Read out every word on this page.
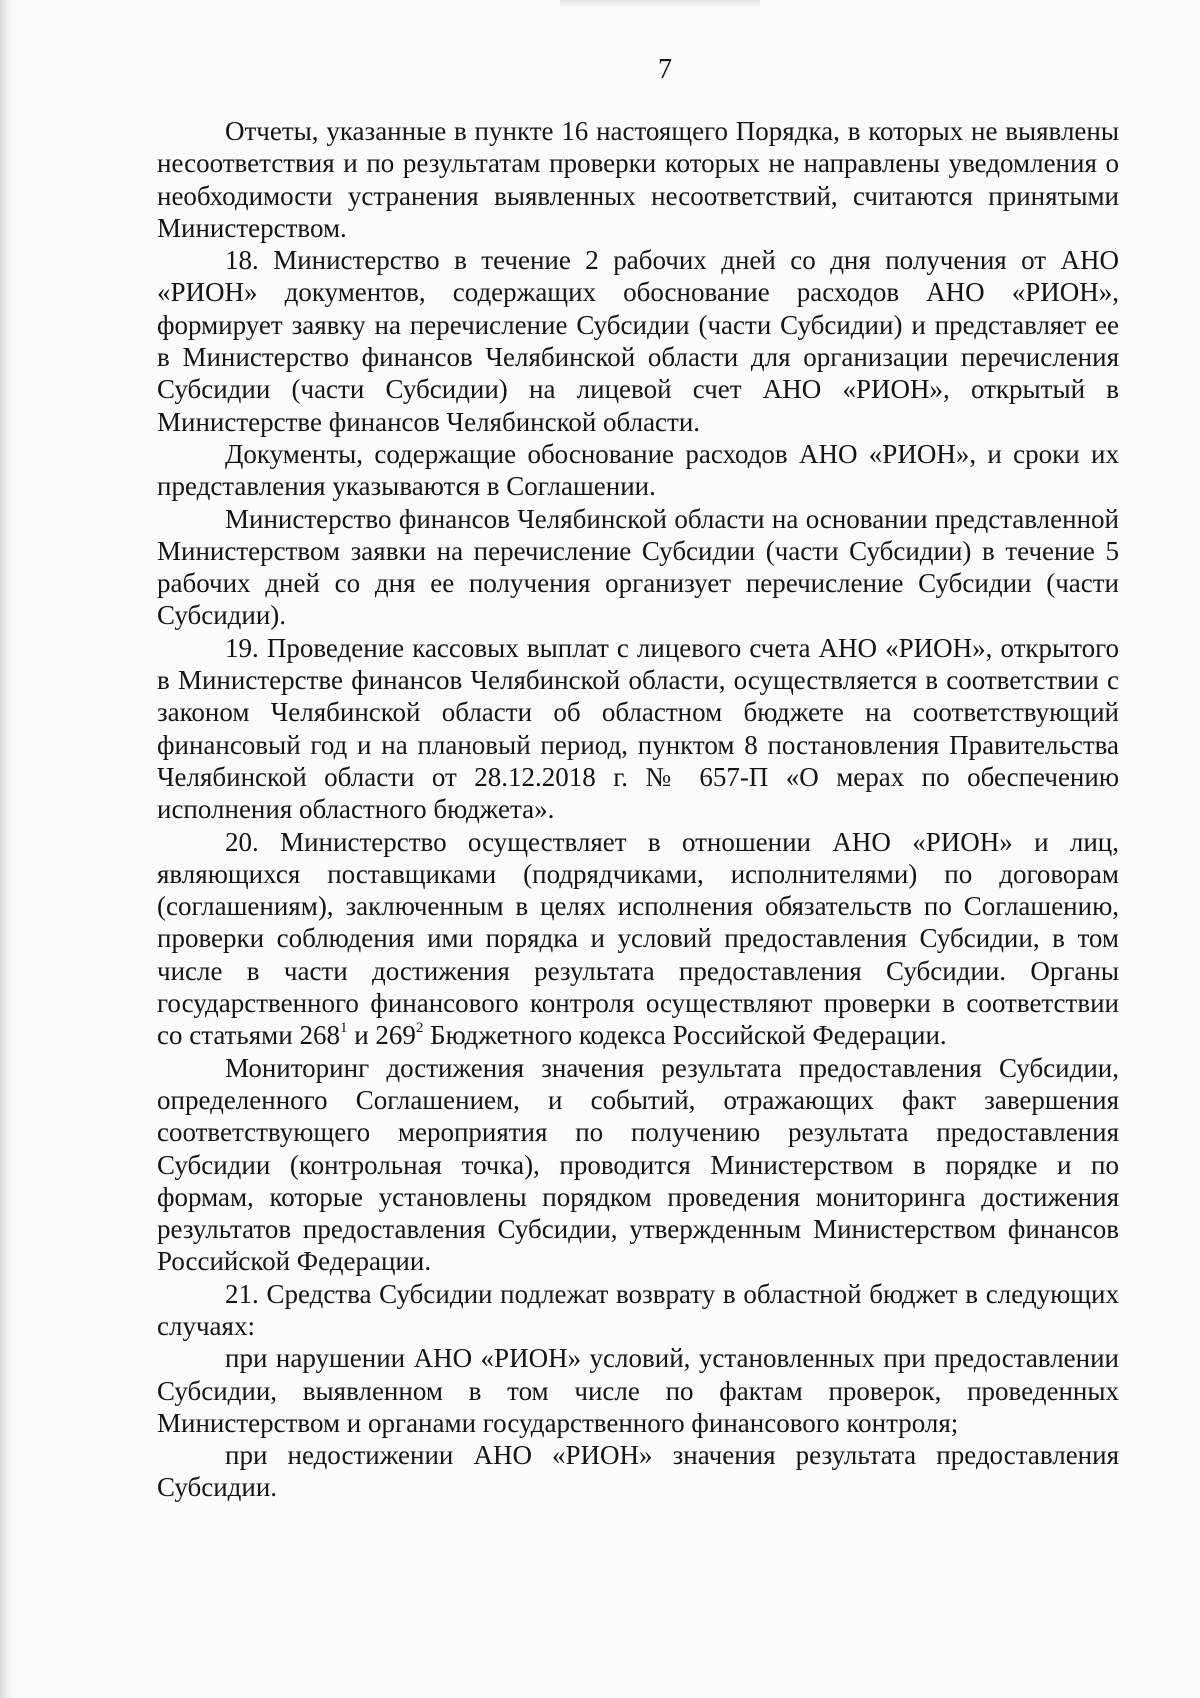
7

Отчеты, указанные в пункте 16 настоящего Порядка, в которых не выявлены несоответствия и по результатам проверки которых не направлены уведомления о необходимости устранения выявленных несоответствий, считаются принятыми Министерством.

18. Министерство в течение 2 рабочих дней со дня получения от АНО «РИОН» документов, содержащих обоснование расходов АНО «РИОН», формирует заявку на перечисление Субсидии (части Субсидии) и представляет ее в Министерство финансов Челябинской области для организации перечисления Субсидии (части Субсидии) на лицевой счет АНО «РИОН», открытый в Министерстве финансов Челябинской области.

Документы, содержащие обоснование расходов АНО «РИОН», и сроки их представления указываются в Соглашении.

Министерство финансов Челябинской области на основании представленной Министерством заявки на перечисление Субсидии (части Субсидии) в течение 5 рабочих дней со дня ее получения организует перечисление Субсидии (части Субсидии).

19. Проведение кассовых выплат с лицевого счета АНО «РИОН», открытого в Министерстве финансов Челябинской области, осуществляется в соответствии с законом Челябинской области об областном бюджете на соответствующий финансовый год и на плановый период, пунктом 8 постановления Правительства Челябинской области от 28.12.2018 г. № 657-П «О мерах по обеспечению исполнения областного бюджета».

20. Министерство осуществляет в отношении АНО «РИОН» и лиц, являющихся поставщиками (подрядчиками, исполнителями) по договорам (соглашениям), заключенным в целях исполнения обязательств по Соглашению, проверки соблюдения ими порядка и условий предоставления Субсидии, в том числе в части достижения результата предоставления Субсидии. Органы государственного финансового контроля осуществляют проверки в соответствии со статьями $268^1$ и $269^2$ Бюджетного кодекса Российской Федерации.

Мониторинг достижения значения результата предоставления Субсидии, определенного Соглашением, и событий, отражающих факт завершения соответствующего мероприятия по получению результата предоставления Субсидии (контрольная точка), проводится Министерством в порядке и по формам, которые установлены порядком проведения мониторинга достижения результатов предоставления Субсидии, утвержденным Министерством финансов Российской Федерации.

21. Средства Субсидии подлежат возврату в областной бюджет в следующих случаях:

при нарушении АНО «РИОН» условий, установленных при предоставлении Субсидии, выявленном в том числе по фактам проверок, проведенных Министерством и органами государственного финансового контроля;

при недостижении АНО «РИОН» значения результата предоставления Субсидии.
